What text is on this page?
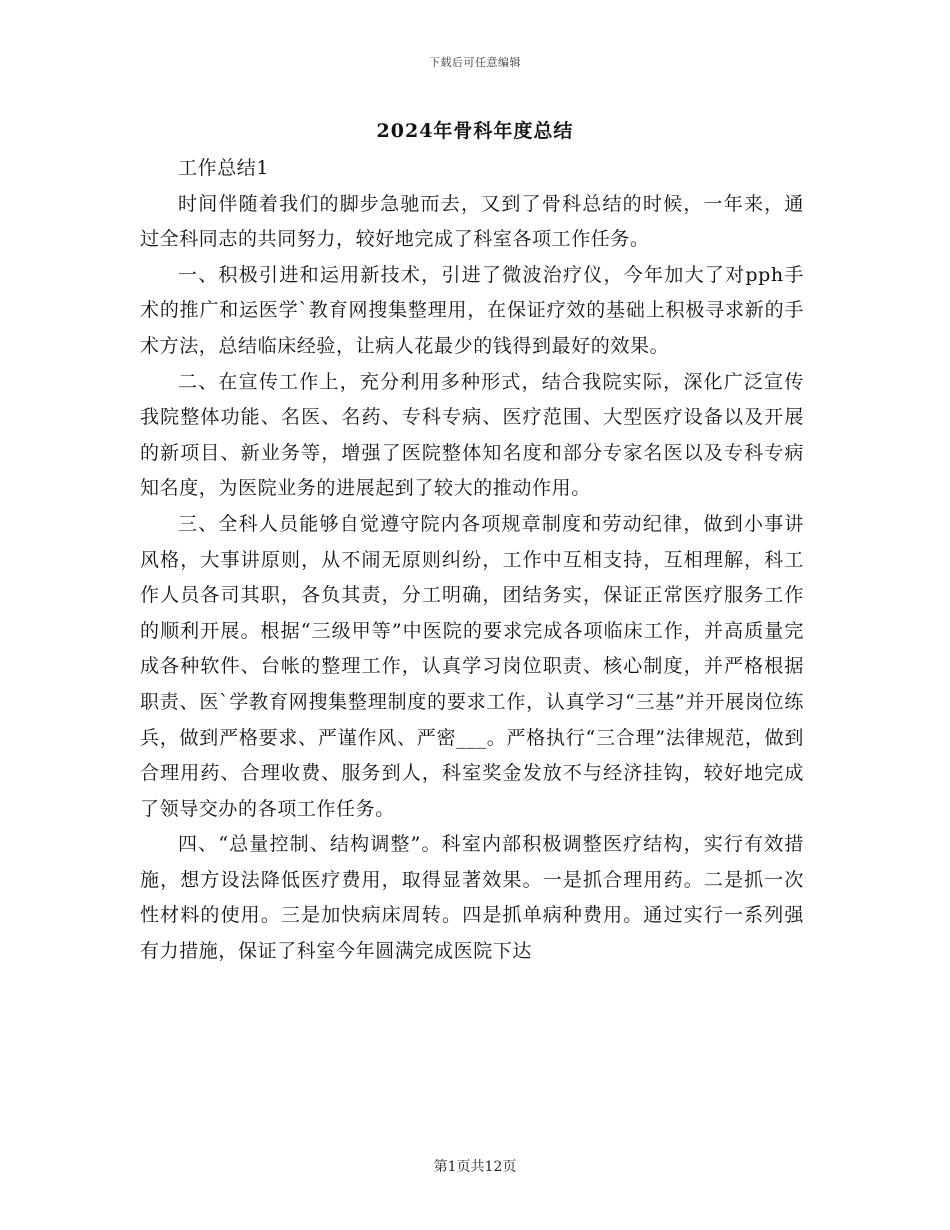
下载后可任意编辑
2024年骨科年度总结

工作总结1

时间伴随着我们的脚步急驰而去，又到了骨科总结的时候，一年来，通过全科同志的共同努力，较好地完成了科室各项工作任务。

一、积极引进和运用新技术，引进了微波治疗仪，今年加大了对pph手术的推广和运医学`教育网搜集整理用，在保证疗效的基础上积极寻求新的手术方法，总结临床经验，让病人花最少的钱得到最好的效果。

二、在宣传工作上，充分利用多种形式，结合我院实际，深化广泛宣传我院整体功能、名医、名药、专科专病、医疗范围、大型医疗设备以及开展的新项目、新业务等，增强了医院整体知名度和部分专家名医以及专科专病知名度，为医院业务的进展起到了较大的推动作用。

三、全科人员能够自觉遵守院内各项规章制度和劳动纪律，做到小事讲风格，大事讲原则，从不闹无原则纠纷，工作中互相支持，互相理解，科工作人员各司其职，各负其责，分工明确，团结务实，保证正常医疗服务工作的顺利开展。根据“三级甲等”中医院的要求完成各项临床工作，并高质量完成各种软件、台帐的整理工作，认真学习岗位职责、核心制度，并严格根据职责、医`学教育网搜集整理制度的要求工作，认真学习“三基”并开展岗位练兵，做到严格要求、严谨作风、严密___。严格执行“三合理”法律规范，做到合理用药、合理收费、服务到人，科室奖金发放不与经济挂钩，较好地完成了领导交办的各项工作任务。

四、“总量控制、结构调整”。科室内部积极调整医疗结构，实行有效措施，想方设法降低医疗费用，取得显著效果。一是抓合理用药。二是抓一次性材料的使用。三是加快病床周转。四是抓单病种费用。通过实行一系列强有力措施，保证了科室今年圆满完成医院下达

第1页共12页
